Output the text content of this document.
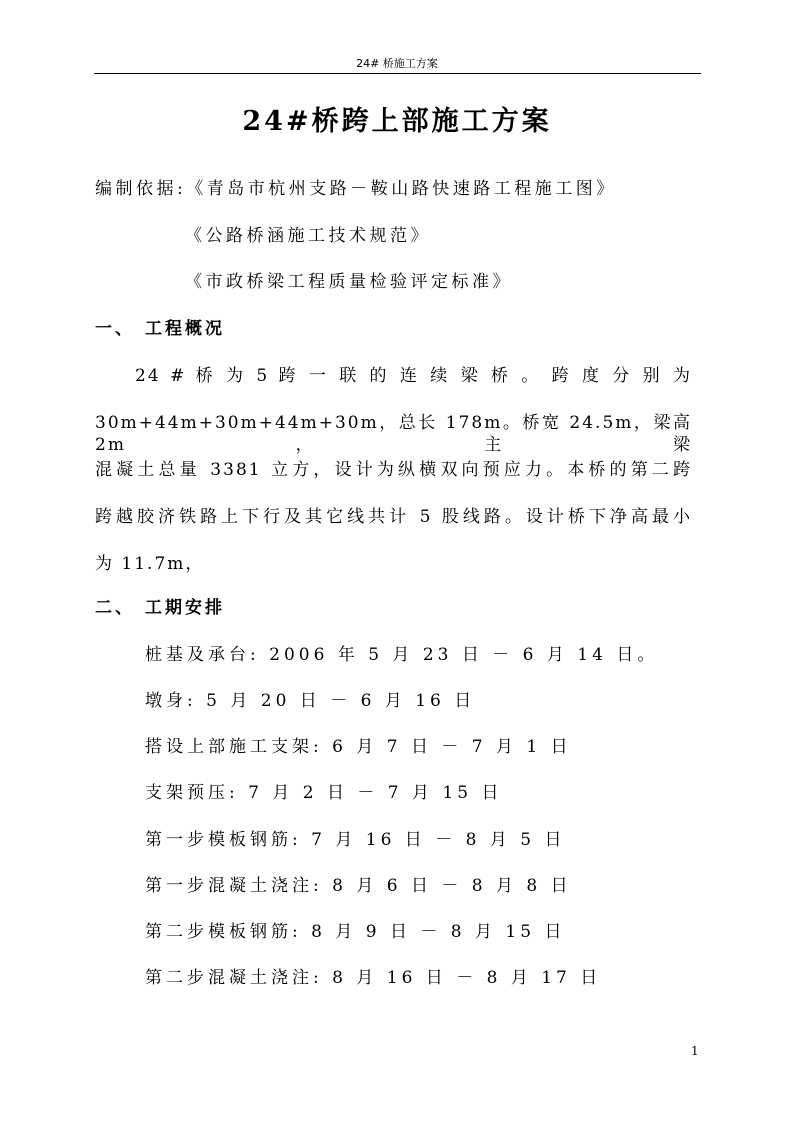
24# 桥施工方案
24#桥跨上部施工方案
编制依据:《青岛市杭州支路－鞍山路快速路工程施工图》
《公路桥涵施工技术规范》
《市政桥梁工程质量检验评定标准》
一、 工程概况
24 # 桥 为 5 跨 一 联 的 连 续 梁 桥 。 跨 度 分 别 为
30m+44m+30m+44m+30m，总长 178m。桥宽 24.5m，梁高 2m，主梁
混凝土总量 3381 立方，设计为纵横双向预应力。本桥的第二跨
跨越胶济铁路上下行及其它线共计 5 股线路。设计桥下净高最小
为 11.7m，
二、 工期安排
桩基及承台: 2006 年 5 月 23 日 － 6 月 14 日。
墩身: 5 月 20 日 － 6 月 16 日
搭设上部施工支架: 6 月 7 日 － 7 月 1 日
支架预压: 7 月 2 日 － 7 月 15 日
第一步模板钢筋: 7 月 16 日 － 8 月 5 日
第一步混凝土浇注: 8 月 6 日 － 8 月 8 日
第二步模板钢筋: 8 月 9 日 － 8 月 15 日
第二步混凝土浇注: 8 月 16 日 － 8 月 17 日
1
